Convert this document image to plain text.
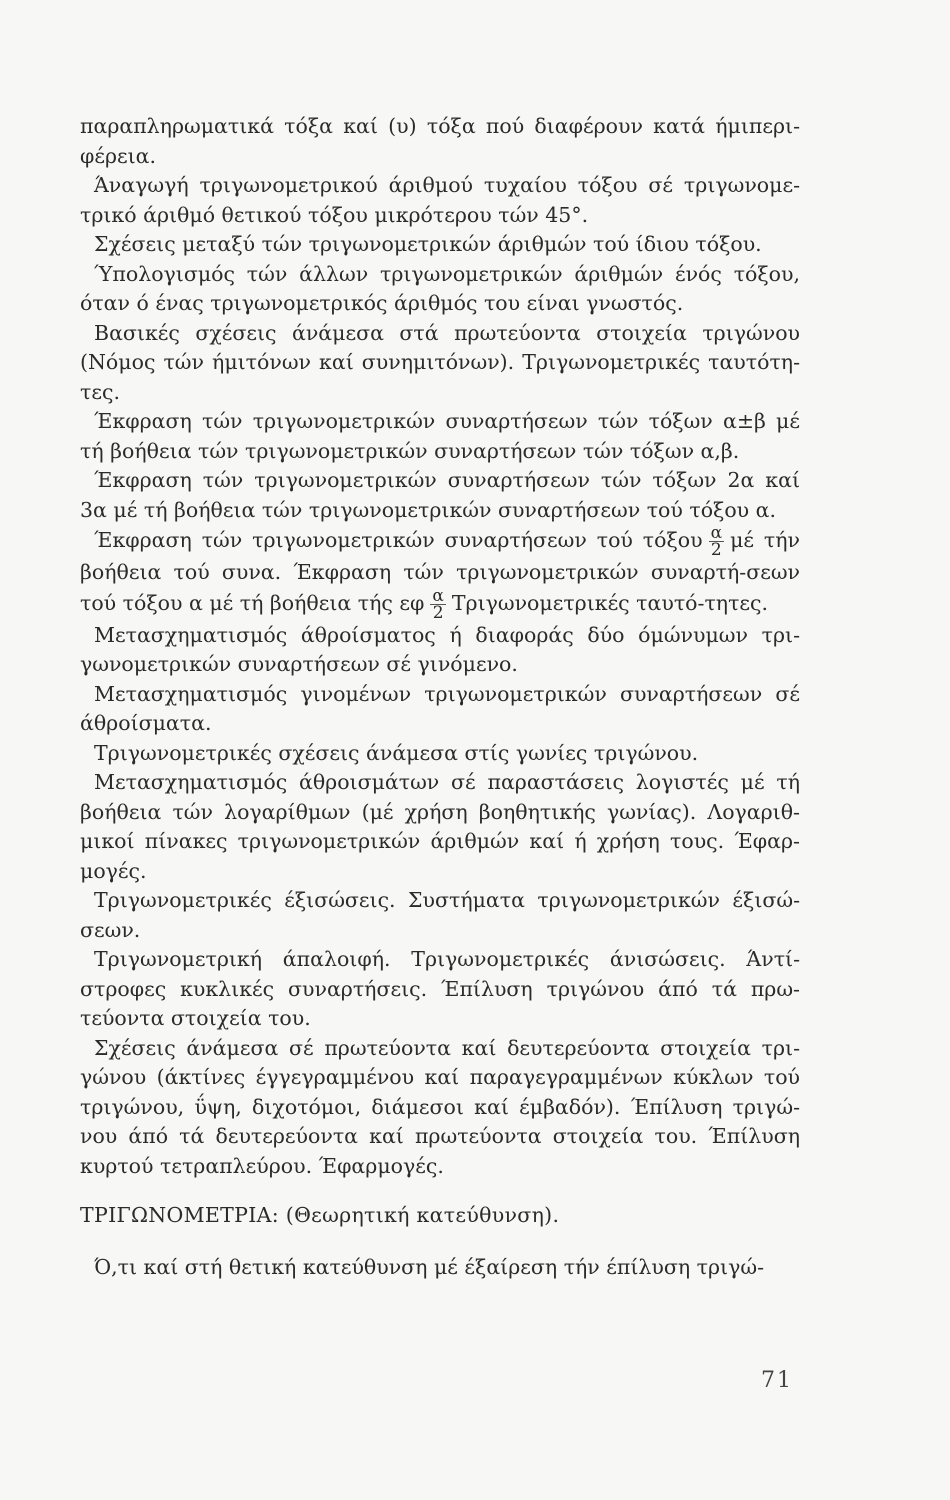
παραπληρωματικά τόξα καί (υ) τόξα πού διαφέρουν κατά ήμιπερι-φέρεια.

Άναγωγή τριγωνομετρικού άριθμού τυχαίου τόξου σέ τριγωνομε-τρικό άριθμό θετικού τόξου μικρότερου τών 45°.

Σχέσεις μεταξύ τών τριγωνομετρικών άριθμών τού ίδιου τόξου.

Ύπολογισμός τών άλλων τριγωνομετρικών άριθμών ένός τόξου, όταν ό ένας τριγωνομετρικός άριθμός του είναι γνωστός.

Βασικές σχέσεις άνάμεσα στά πρωτεύοντα στοιχεία τριγώνου (Νόμος τών ήμιτόνων καί συνημιτόνων). Τριγωνομετρικές ταυτότη-τες.

Έκφραση τών τριγωνομετρικών συναρτήσεων τών τόξων α±β μέ τή βοήθεια τών τριγωνομετρικών συναρτήσεων τών τόξων α,β.

Έκφραση τών τριγωνομετρικών συναρτήσεων τών τόξων 2α καί 3α μέ τή βοήθεια τών τριγωνομετρικών συναρτήσεων τού τόξου α.

Έκφραση τών τριγωνομετρικών συναρτήσεων τού τόξου $\frac{\alpha}{2}$ μέ τήν βοήθεια τού συνα. Έκφραση τών τριγωνομετρικών συναρτή-σεων τού τόξου α μέ τή βοήθεια τής εφ $\frac{\alpha}{2}$ Τριγωνομετρικές ταυτό-τητες.

Μετασχηματισμός άθροίσματος ή διαφοράς δύο όμώνυμων τρι-γωνομετρικών συναρτήσεων σέ γινόμενο.

Μετασχηματισμός γινομένων τριγωνομετρικών συναρτήσεων σέ άθροίσματα.

Τριγωνομετρικές σχέσεις άνάμεσα στίς γωνίες τριγώνου.

Μετασχηματισμός άθροισμάτων σέ παραστάσεις λογιστές μέ τή βοήθεια τών λογαρίθμων (μέ χρήση βοηθητικής γωνίας). Λογαριθ-μικοί πίνακες τριγωνομετρικών άριθμών καί ή χρήση τους. Έφαρ-μογές.

Τριγωνομετρικές έξισώσεις. Συστήματα τριγωνομετρικών έξισώ-σεων.

Τριγωνομετρική άπαλοιφή. Τριγωνομετρικές άνισώσεις. Άντί-στροφες κυκλικές συναρτήσεις. Έπίλυση τριγώνου άπό τά πρω-τεύοντα στοιχεία του.

Σχέσεις άνάμεσα σέ πρωτεύοντα καί δευτερεύοντα στοιχεία τρι-γώνου (άκτίνες έγγεγραμμένου καί παραγεγραμμένων κύκλων τού τριγώνου, ΰψη, διχοτόμοι, διάμεσοι καί έμβαδόν). Έπίλυση τριγώ-νου άπό τά δευτερεύοντα καί πρωτεύοντα στοιχεία του. Έπίλυση κυρτού τετραπλεύρου. Έφαρμογές.

ΤΡΙΓΩΝΟΜΕΤΡΙΑ: (Θεωρητική κατεύθυνση).

Ό,τι καί στή θετική κατεύθυνση μέ έξαίρεση τήν έπίλυση τριγώ-

71
